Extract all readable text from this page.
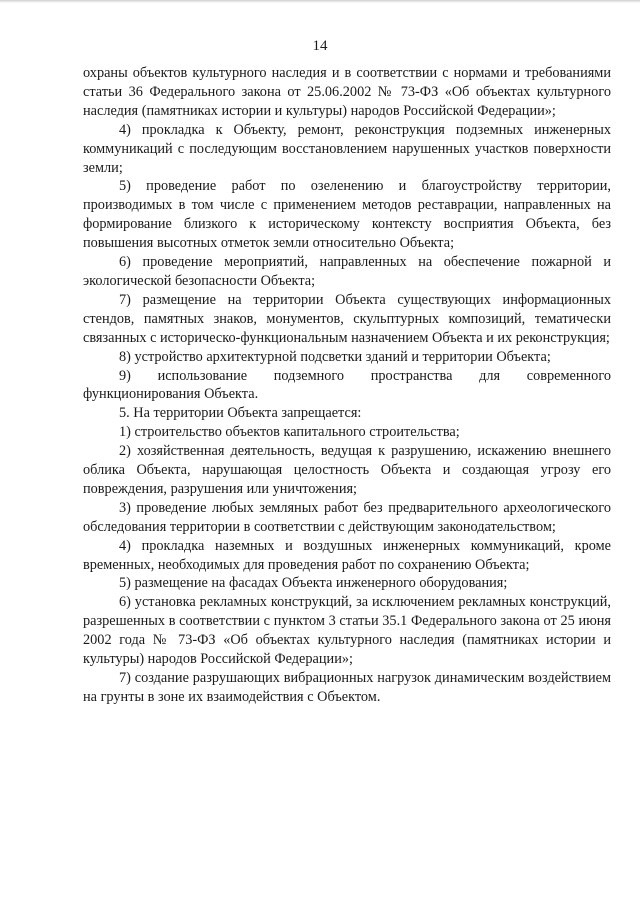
14

охраны объектов культурного наследия и в соответствии с нормами и требованиями статьи 36 Федерального закона от 25.06.2002 № 73-ФЗ «Об объектах культурного наследия (памятниках истории и культуры) народов Российской Федерации»;

4) прокладка к Объекту, ремонт, реконструкция подземных инженерных коммуникаций с последующим восстановлением нарушенных участков поверхности земли;

5) проведение работ по озеленению и благоустройству территории, производимых в том числе с применением методов реставрации, направленных на формирование близкого к историческому контексту восприятия Объекта, без повышения высотных отметок земли относительно Объекта;

6) проведение мероприятий, направленных на обеспечение пожарной и экологической безопасности Объекта;

7) размещение на территории Объекта существующих информационных стендов, памятных знаков, монументов, скульптурных композиций, тематически связанных с историческо-функциональным назначением Объекта и их реконструкция;

8) устройство архитектурной подсветки зданий и территории Объекта;

9) использование подземного пространства для современного функционирования Объекта.

5. На территории Объекта запрещается:

1) строительство объектов капитального строительства;

2) хозяйственная деятельность, ведущая к разрушению, искажению внешнего облика Объекта, нарушающая целостность Объекта и создающая угрозу его повреждения, разрушения или уничтожения;

3) проведение любых земляных работ без предварительного археологического обследования территории в соответствии с действующим законодательством;

4) прокладка наземных и воздушных инженерных коммуникаций, кроме временных, необходимых для проведения работ по сохранению Объекта;

5) размещение на фасадах Объекта инженерного оборудования;

6) установка рекламных конструкций, за исключением рекламных конструкций, разрешенных в соответствии с пунктом 3 статьи 35.1 Федерального закона от 25 июня 2002 года № 73-ФЗ «Об объектах культурного наследия (памятниках истории и культуры) народов Российской Федерации»;

7) создание разрушающих вибрационных нагрузок динамическим воздействием на грунты в зоне их взаимодействия с Объектом.
